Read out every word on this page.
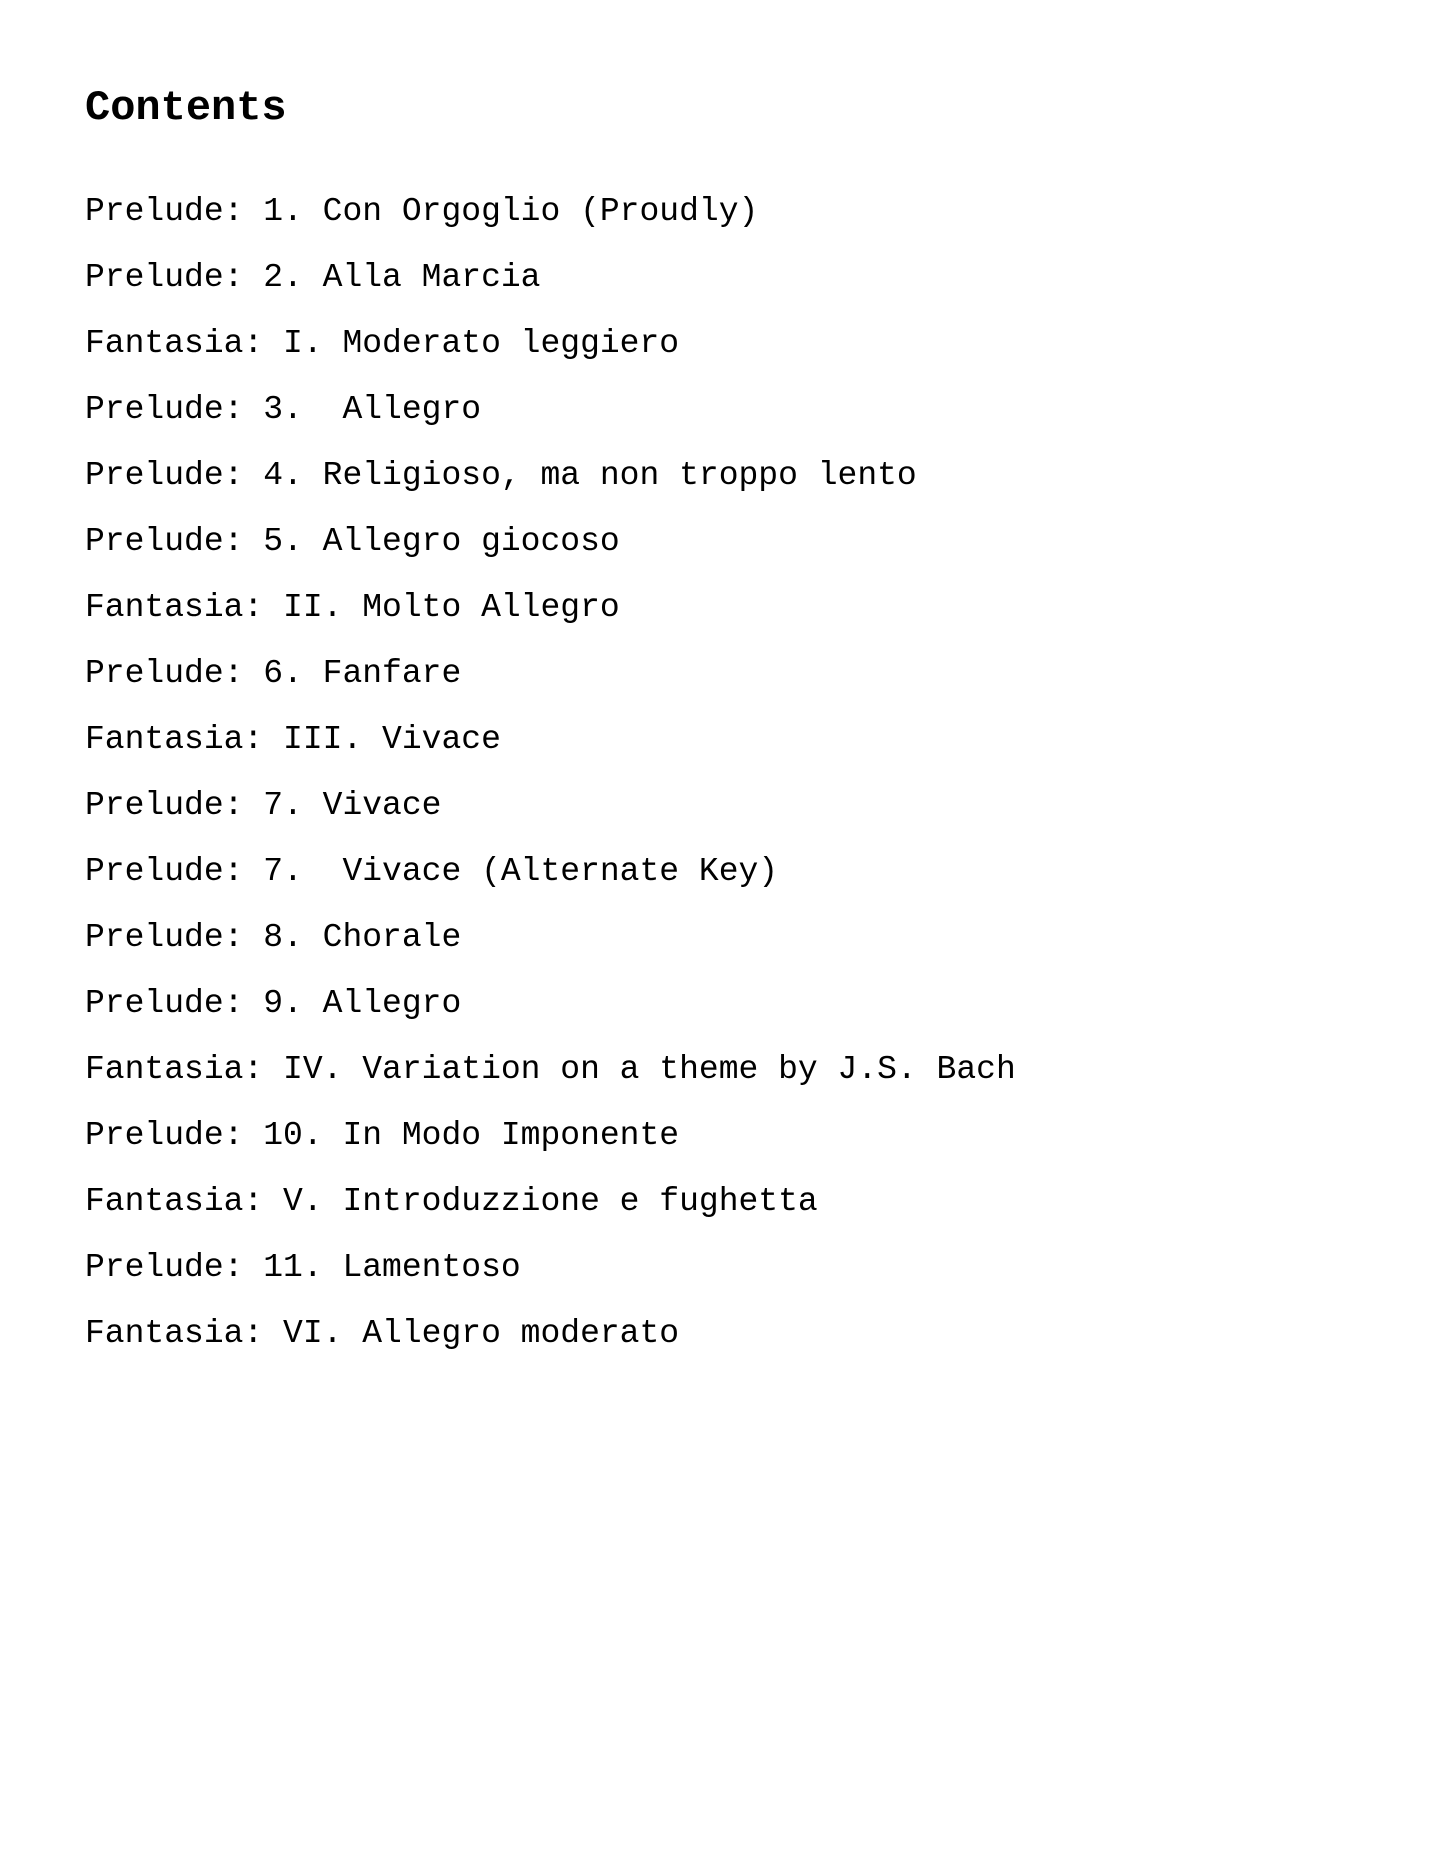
Contents
Prelude: 1. Con Orgoglio (Proudly)
Prelude: 2. Alla Marcia
Fantasia: I. Moderato leggiero
Prelude: 3.  Allegro
Prelude: 4. Religioso, ma non troppo lento
Prelude: 5. Allegro giocoso
Fantasia: II. Molto Allegro
Prelude: 6. Fanfare
Fantasia: III. Vivace
Prelude: 7. Vivace
Prelude: 7.  Vivace (Alternate Key)
Prelude: 8. Chorale
Prelude: 9. Allegro
Fantasia: IV. Variation on a theme by J.S. Bach
Prelude: 10. In Modo Imponente
Fantasia: V. Introduzzione e fughetta
Prelude: 11. Lamentoso
Fantasia: VI. Allegro moderato
